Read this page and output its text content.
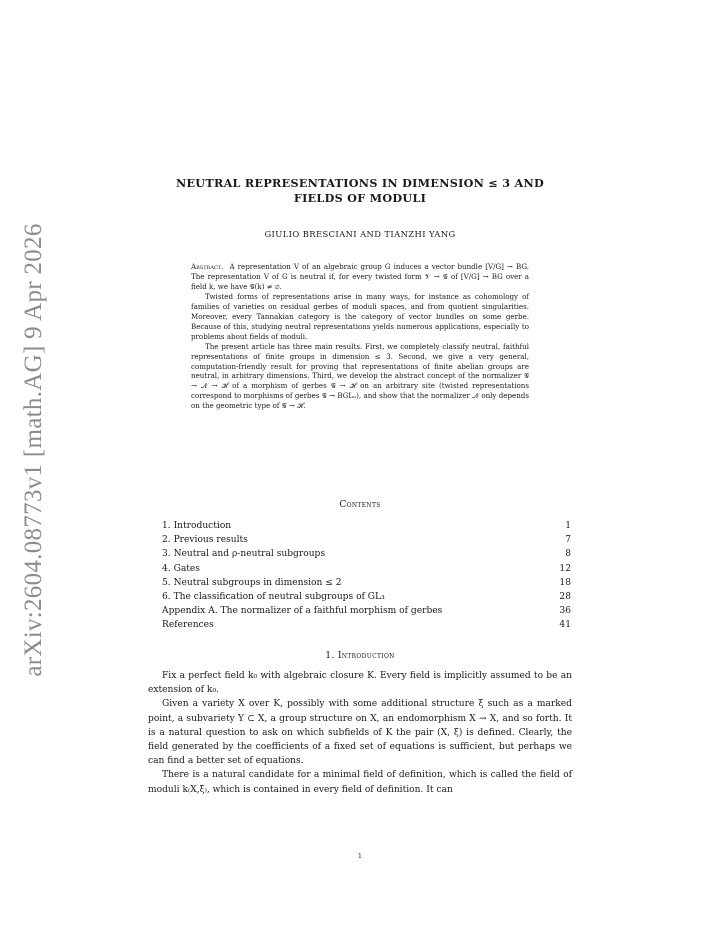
arXiv:2604.08773v1 [math.AG] 9 Apr 2026
NEUTRAL REPRESENTATIONS IN DIMENSION ≤ 3 AND FIELDS OF MODULI
GIULIO BRESCIANI AND TIANZHI YANG

Abstract. A representation V of an algebraic group G induces a vector bundle [V/G] → BG. The representation V of G is neutral if, for every twisted form 𝒱 → 𝒢 of [V/G] → BG over a field k, we have 𝒢(k) ≠ ∅.

Twisted forms of representations arise in many ways, for instance as cohomology of families of varieties on residual gerbes of moduli spaces, and from quotient singularities. Moreover, every Tannakian category is the category of vector bundles on some gerbe. Because of this, studying neutral representations yields numerous applications, especially to problems about fields of moduli.

The present article has three main results. First, we completely classify neutral, faithful representations of finite groups in dimension ≤ 3. Second, we give a very general, computation-friendly result for proving that representations of finite abelian groups are neutral, in arbitrary dimensions. Third, we develop the abstract concept of the normalizer 𝒢 → 𝒩 → ℋ of a morphism of gerbes 𝒢 → ℋ on an arbitrary site (twisted representations correspond to morphisms of gerbes 𝒢 → BGLₙ), and show that the normalizer 𝒩 only depends on the geometric type of 𝒢 → ℋ.

Contents
1. Introduction	1
2. Previous results	7
3. Neutral and ρ-neutral subgroups	8
4. Gates	12
5. Neutral subgroups in dimension ≤ 2	18
6. The classification of neutral subgroups of GL₃	28
Appendix A. The normalizer of a faithful morphism of gerbes	36
References	41
1. Introduction

Fix a perfect field k₀ with algebraic closure K. Every field is implicitly assumed to be an extension of k₀.

Given a variety X over K, possibly with some additional structure ξ such as a marked point, a subvariety Y ⊂ X, a group structure on X, an endomorphism X → X, and so forth. It is a natural question to ask on which subfields of K the pair (X, ξ) is defined. Clearly, the field generated by the coefficients of a fixed set of equations is sufficient, but perhaps we can find a better set of equations.

There is a natural candidate for a minimal field of definition, which is called the field of moduli k₍X,ξ₎, which is contained in every field of definition. It can

1
